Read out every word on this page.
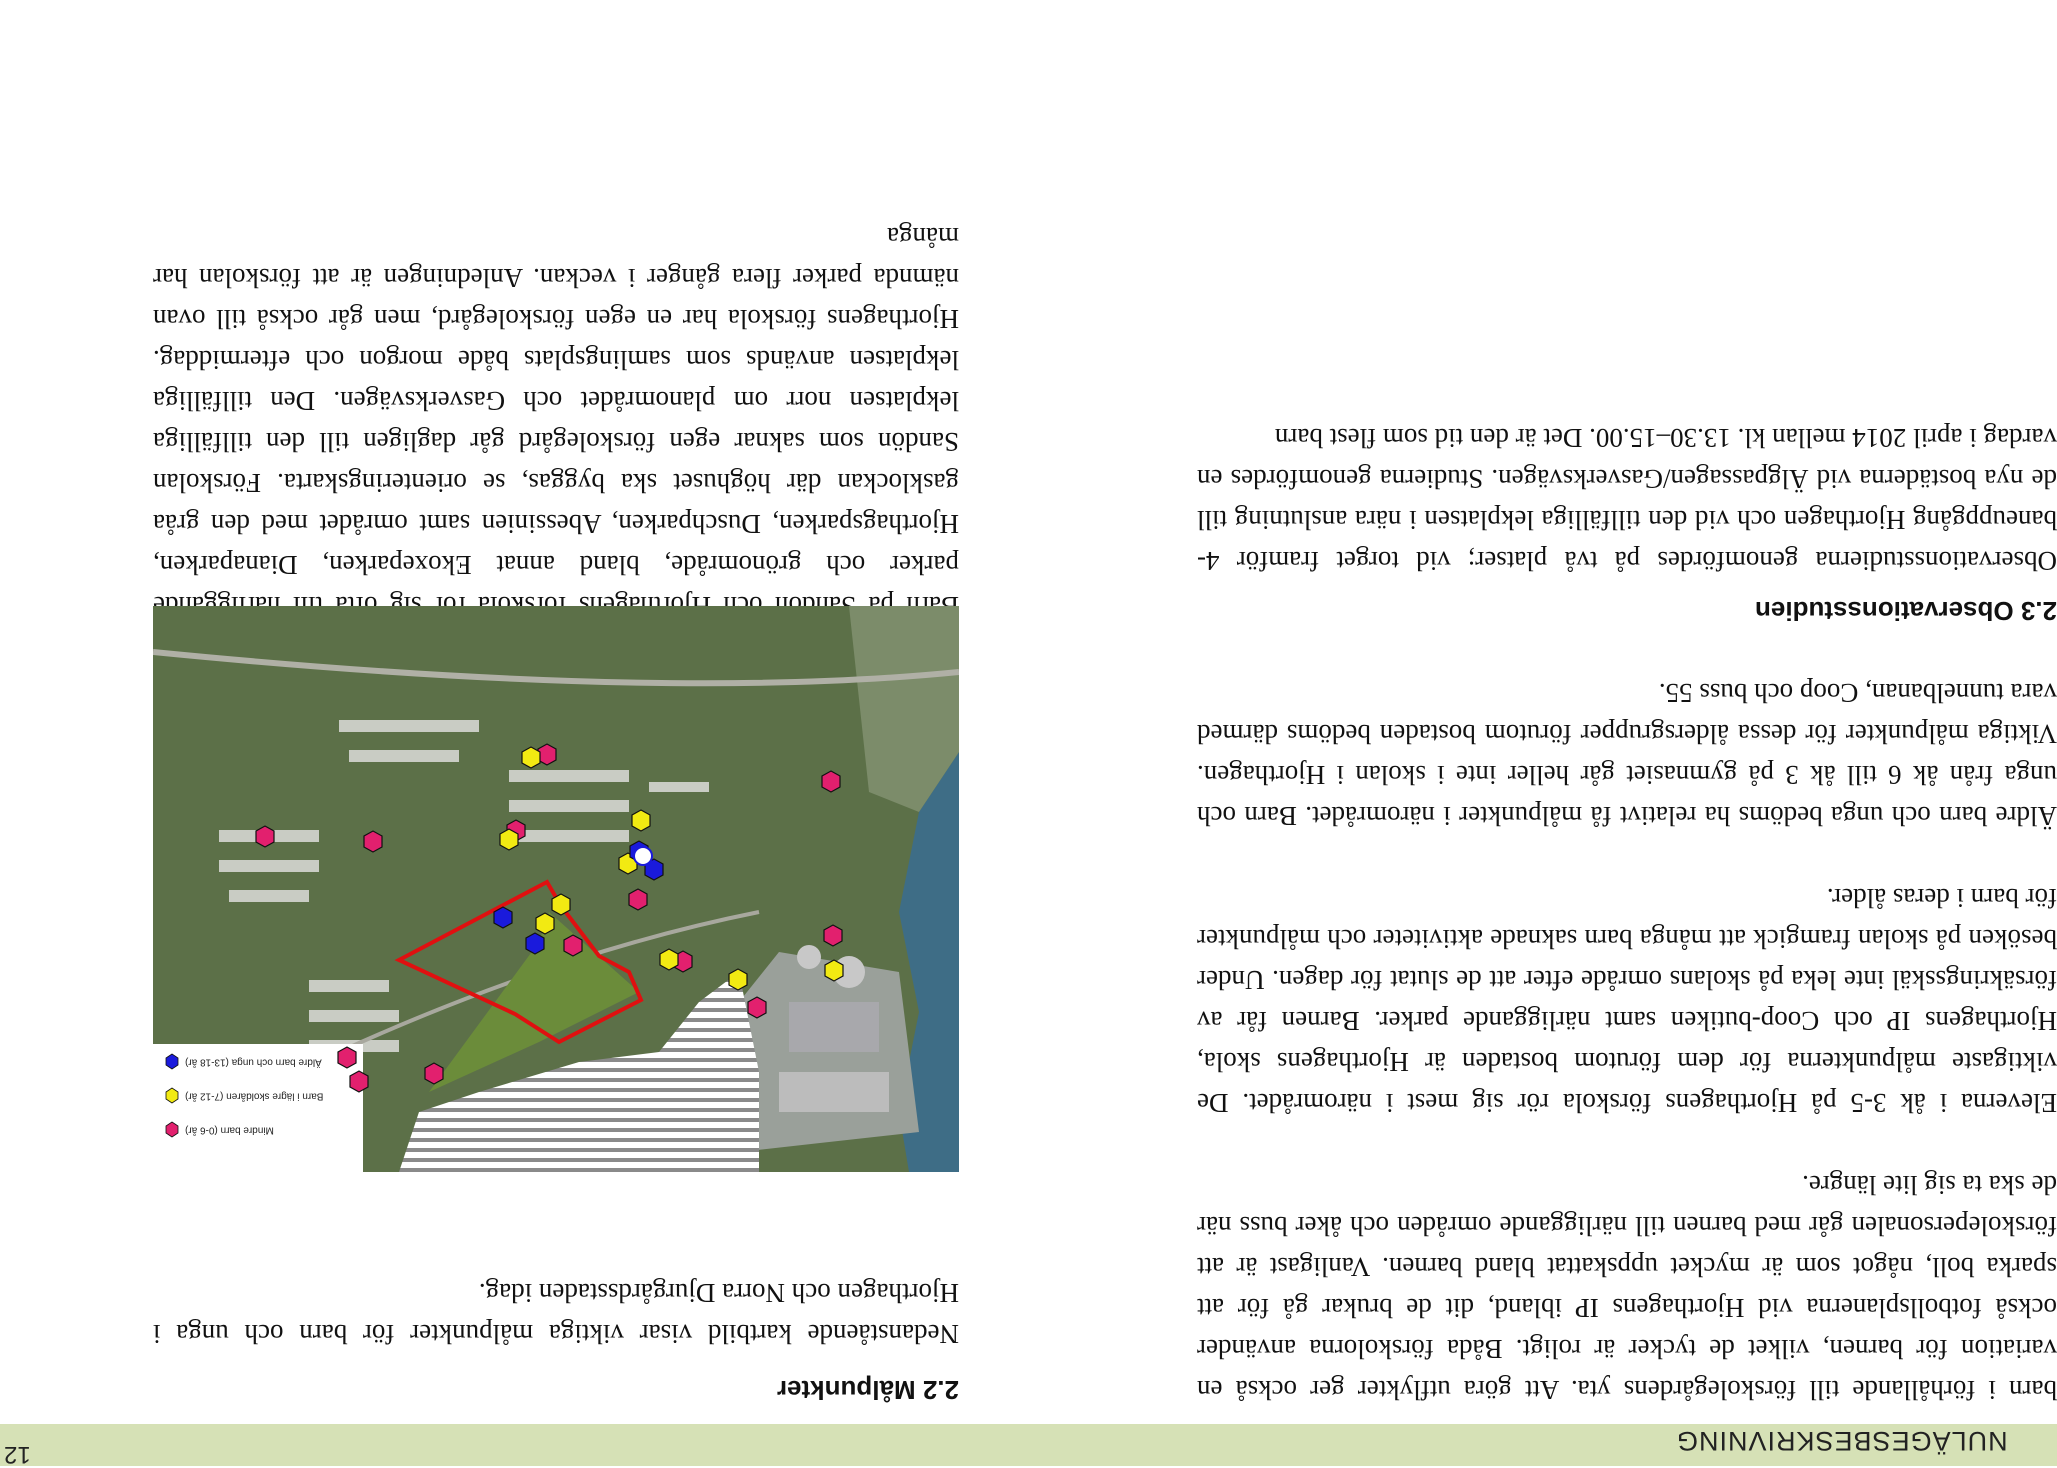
NULÄGESBESKRIVNING
12
2.2 Målpunkter

Nedanstående kartbild visar viktiga målpunkter för barn och unga i Hjorthagen och Norra Djurgårdsstaden idag.

parker och grönområde, bland annat Ekoxeparken, Dianaparken, Hjorthagsparken, Duschparken, Abessinien samt området med den gråa gasklockan där höghuset ska byggas, se orienteringskarta. Förskolan Sandön som saknar egen förskolegård går dagligen till den tillfälliga lekplatsen norr om planområdet och Gasverksvägen. Den tillfälliga lekplatsen används som samlingsplats både morgon och eftermiddag. Hjorthagens förskola har en egen förskolegård, men går också till ovan nämnda parker flera gånger i veckan. Anledningen är att förskolan har många

Äldre barn och unga (13-18 år)
Barn i lägre skoldåren (7-12 år)
Mindre barn (0-6 år)

barn i förhållande till förskolegårdens yta. Att göra utflykter ger också en variation för barnen, vilket de tycker är roligt. Båda förskolorna använder också fotbollsplanerna vid Hjorthagens IP ibland, dit de brukar gå för att sparka boll, något som är mycket uppskattat bland barnen. Vanligast är att förskolepersonalen går med barnen till närliggande områden och åker buss när de ska ta sig lite längre.

Eleverna i åk 3-5 på Hjorthagens förskola rör sig mest i närområdet. De viktigaste målpunkterna för dem förutom bostaden är Hjorthagens skola, Hjorthagens IP och Coop-butiken samt närliggande parker. Barnen får av försäkringsskäl inte leka på skolans område efter att de slutat för dagen. Under besöken på skolan framgick att många barn saknade aktiviteter och målpunkter för barn i deras ålder.

Äldre barn och unga bedöms ha relativt få målpunkter i närområdet. Barn och unga från åk 6 till åk 3 på gymnasiet går heller inte i skolan i Hjorthagen. Viktiga målpunkter för dessa åldersgrupper förutom bostaden bedöms därmed vara tunnelbanan, Coop och buss 55.

2.3 Observationsstudien

Observationsstudierna genomfördes på två platser; vid torget framför 4-baneuppgång Hjorthagen och vid den tillfälliga lekplatsen i nära anslutning till de nya bostäderna vid Älgpassagen/Gasverksvägen. Studierna genomfördes en vardag i april 2014 mellan kl. 13.30–15.00. Det är den tid som flest barn
